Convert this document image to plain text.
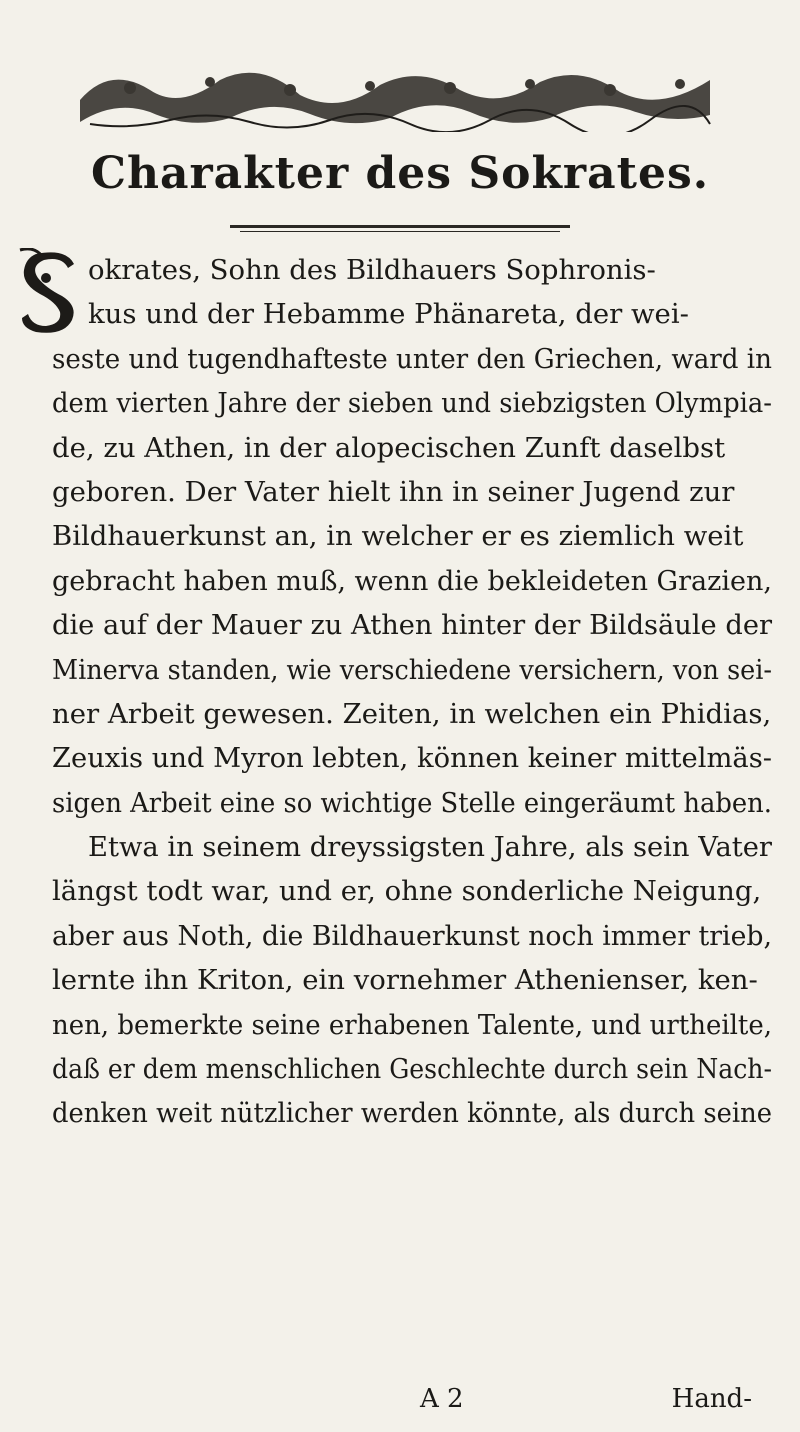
Charakter des Sokrates.
okrates, Sohn des Bildhauers Sophronis-
kus und der Hebamme Phänareta, der wei-
seste und tugendhafteste unter den Griechen, ward in
dem vierten Jahre der sieben und siebzigsten Olympia-
de, zu Athen, in der alopecischen Zunft daselbst
geboren. Der Vater hielt ihn in seiner Jugend zur
Bildhauerkunst an, in welcher er es ziemlich weit
gebracht haben muß, wenn die bekleideten Grazien,
die auf der Mauer zu Athen hinter der Bildsäule der
Minerva standen, wie verschiedene versichern, von sei-
ner Arbeit gewesen. Zeiten, in welchen ein Phidias,
Zeuxis und Myron lebten, können keiner mittelmäs-
sigen Arbeit eine so wichtige Stelle eingeräumt haben.
Etwa in seinem dreyssigsten Jahre, als sein Vater
längst todt war, und er, ohne sonderliche Neigung,
aber aus Noth, die Bildhauerkunst noch immer trieb,
lernte ihn Kriton, ein vornehmer Athenienser, ken-
nen, bemerkte seine erhabenen Talente, und urtheilte,
daß er dem menschlichen Geschlechte durch sein Nach-
denken weit nützlicher werden könnte, als durch seine
A 2	Hand-
